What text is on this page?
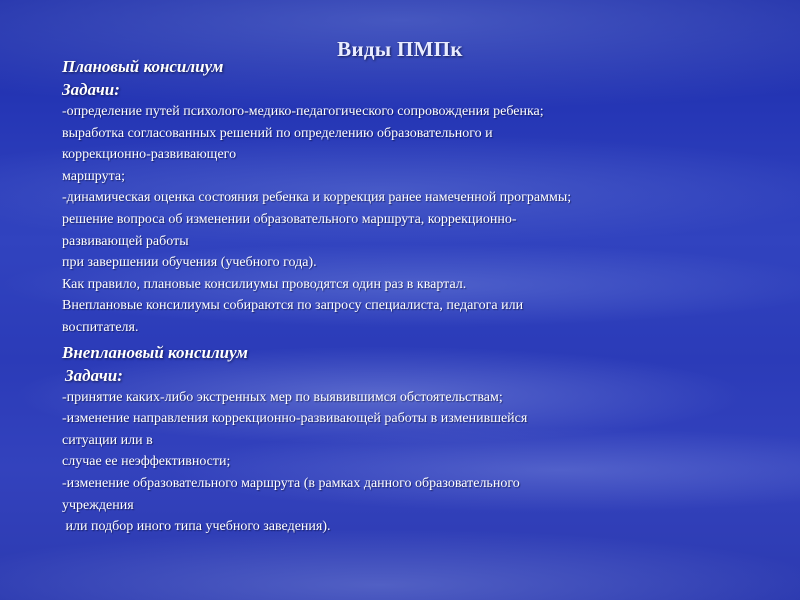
Виды ПМПк
Плановый консилиум
Задачи:
-определение путей психолого-медико-педагогического сопровождения ребенка;
выработка согласованных решений по определению образовательного и
коррекционно-развивающего
маршрута;
-динамическая оценка состояния ребенка и коррекция ранее намеченной программы;
решение вопроса об изменении образовательного маршрута, коррекционно-
развивающей работы
при завершении обучения (учебного года).
Как правило, плановые консилиумы проводятся один раз в квартал.
Внеплановые консилиумы собираются по запросу специалиста, педагога или
воспитателя.
Внеплановый консилиум
Задачи:
-принятие каких-либо экстренных мер по выявившимся обстоятельствам;
-изменение направления коррекционно-развивающей работы в изменившейся
ситуации или в
случае ее неэффективности;
-изменение образовательного маршрута (в рамках данного образовательного
учреждения
или подбор иного типа учебного заведения).
